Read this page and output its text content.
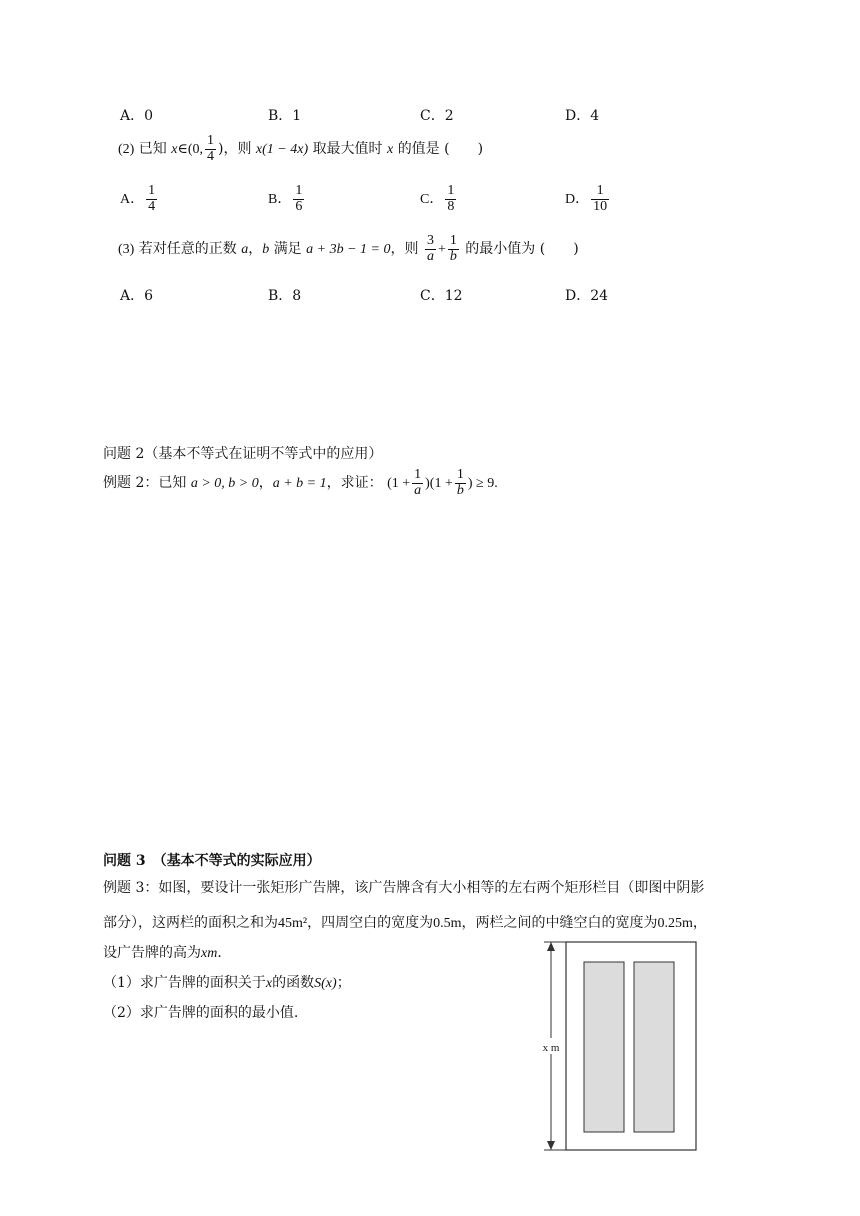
A．0	B．1	C．2	D．4
(2) 已知 x∈(0, $\frac{1}{4}$ )，则 x(1 − 4x) 取最大值时 x 的值是 (　　)
A． $\frac{1}{4}$	B． $\frac{1}{6}$	C． $\frac{1}{8}$	D． $\frac{1}{10}$
(3) 若对任意的正数 a，b 满足 a + 3b − 1 = 0，则 $\frac{3}{a} + \frac{1}{b}$ 的最小值为 (　　)
A．6	B．8	C．12	D．24
问题 2（基本不等式在证明不等式中的应用）
例题 2：已知 a > 0, b > 0，a + b = 1，求证： $(1 + \frac{1}{a} )(1 + \frac{1}{b}$ ) ≥ 9.
问题 3　（基本不等式的实际应用）
例题 3：如图，要设计一张矩形广告牌，该广告牌含有大小相等的左右两个矩形栏目（即图中阴影
部分），这两栏的面积之和为45m²，四周空白的宽度为0.5m，两栏之间的中缝空白的宽度为0.25m，
设广告牌的高为xm．
（1）求广告牌的面积关于x的函数S(x)；
（2）求广告牌的面积的最小值.
x m
